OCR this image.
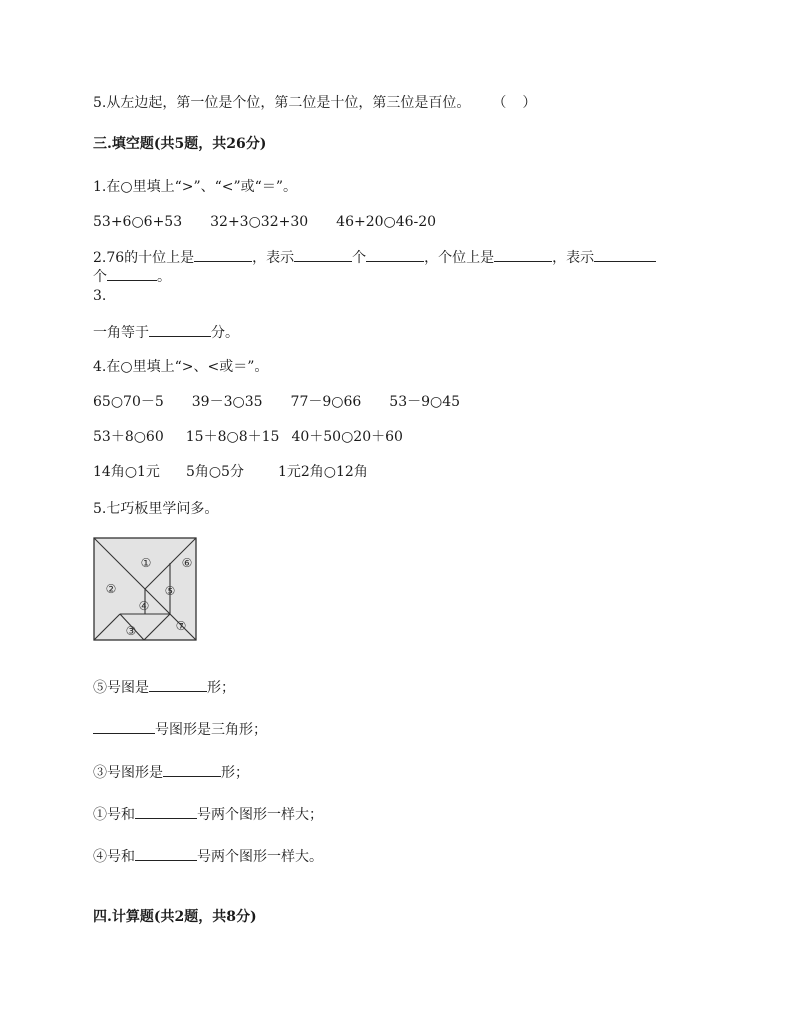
5.从左边起，第一位是个位，第二位是十位，第三位是百位。 （ ）
三.填空题(共5题，共26分)
1.在○里填上“>”、“<”或“＝”。
53+6○6+53 32+3○32+30 46+20○46-20
2.76的十位上是	，表示	个	，个位上是	，表示
个	。
3.
一角等于	分。
4.在○里填上“>、<或＝”。
65○70－5 39－3○35 77－9○66 53－9○45
53＋8○60 15＋8○8＋15 40＋50○20＋60
14角○1元 5角○5分 1元2角○12角
5.七巧板里学问多。
①
②
③
④
⑤
⑥
⑦
⑤号图是	形；
号图形是三角形；
③号图形是	形；
①号和	号两个图形一样大；
④号和	号两个图形一样大。
四.计算题(共2题，共8分)
